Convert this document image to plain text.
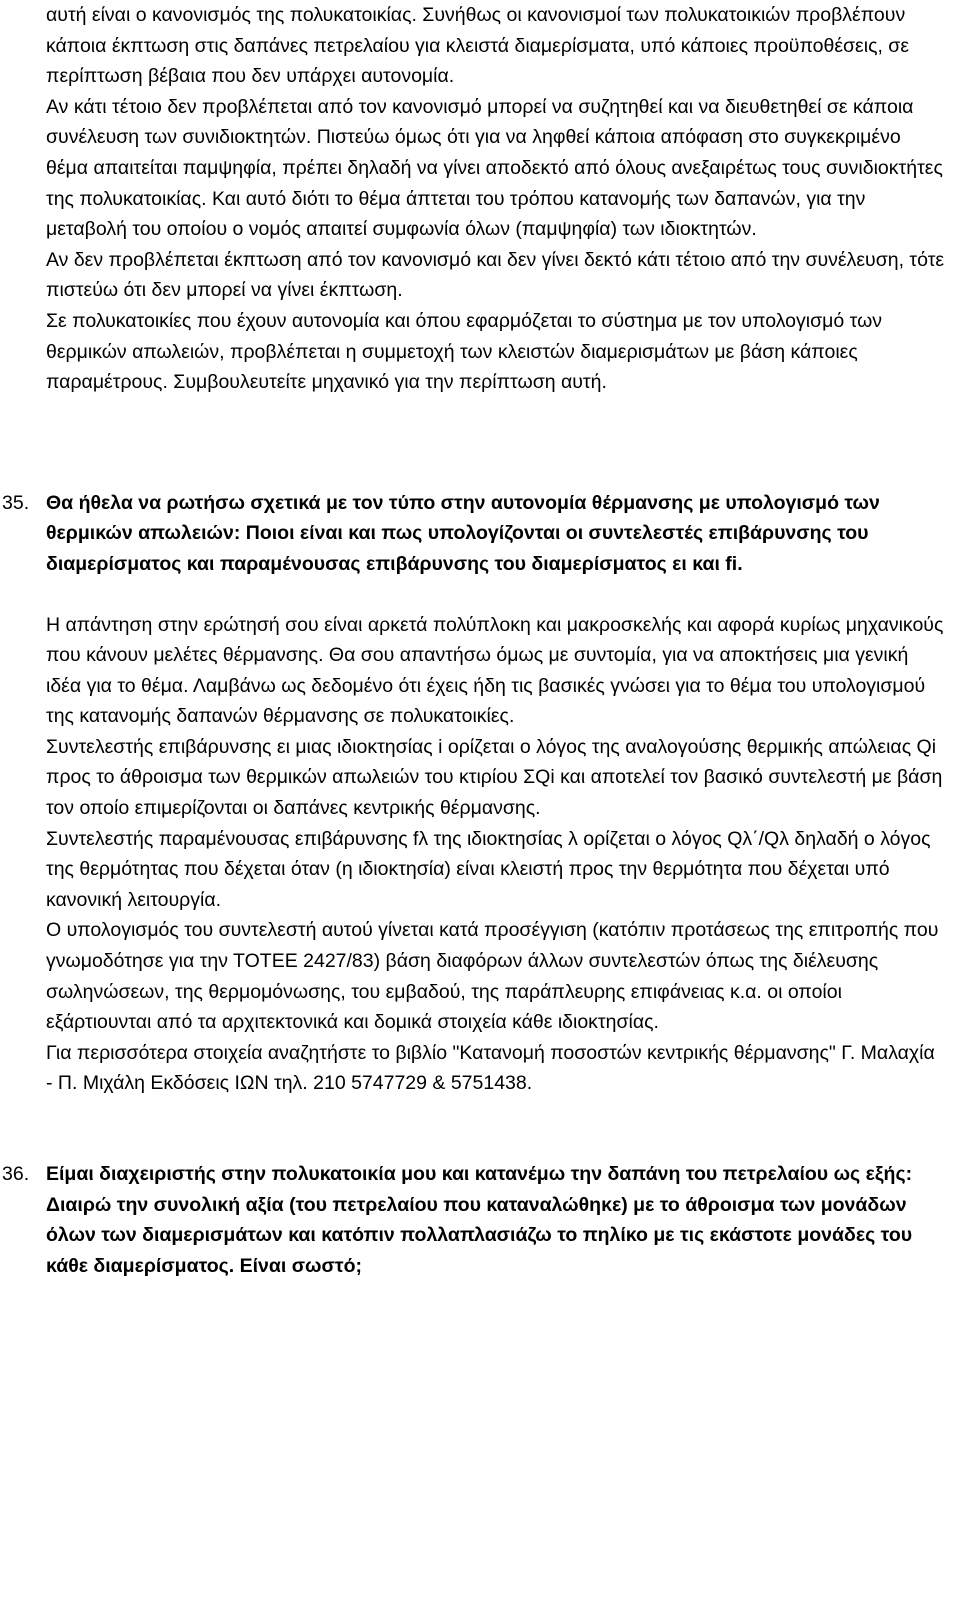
αυτή είναι ο κανονισμός της πολυκατοικίας. Συνήθως οι κανονισμοί των πολυκατοικιών προβλέπουν κάποια έκπτωση στις δαπάνες πετρελαίου για κλειστά διαμερίσματα, υπό κάποιες προϋποθέσεις, σε περίπτωση βέβαια που δεν υπάρχει αυτονομία.

Αν κάτι τέτοιο δεν προβλέπεται από τον κανονισμό μπορεί να συζητηθεί και να διευθετηθεί σε κάποια συνέλευση των συνιδιοκτητών. Πιστεύω όμως ότι για να ληφθεί κάποια απόφαση στο συγκεκριμένο θέμα απαιτείται παμψηφία, πρέπει δηλαδή να γίνει αποδεκτό από όλους ανεξαιρέτως τους συνιδιοκτήτες της πολυκατοικίας. Και αυτό διότι το θέμα άπτεται του τρόπου κατανομής των δαπανών, για την μεταβολή του οποίου ο νομός απαιτεί συμφωνία όλων (παμψηφία) των ιδιοκτητών.

Αν δεν προβλέπεται έκπτωση από τον κανονισμό και δεν γίνει δεκτό κάτι τέτοιο από την συνέλευση, τότε πιστεύω ότι δεν μπορεί να γίνει έκπτωση.

Σε πολυκατοικίες που έχουν αυτονομία και όπου εφαρμόζεται το σύστημα με τον υπολογισμό των θερμικών απωλειών, προβλέπεται η συμμετοχή των κλειστών διαμερισμάτων με βάση κάποιες παραμέτρους. Συμβουλευτείτε μηχανικό για την περίπτωση αυτή.

35. Θα ήθελα να ρωτήσω σχετικά με τον τύπο στην αυτονομία θέρμανσης με υπολογισμό των θερμικών απωλειών: Ποιοι είναι και πως υπολογίζονται οι συντελεστές επιβάρυνσης του διαμερίσματος και παραμένουσας επιβάρυνσης του διαμερίσματος ει και fi.

Η απάντηση στην ερώτησή σου είναι αρκετά πολύπλοκη και μακροσκελής και αφορά κυρίως μηχανικούς που κάνουν μελέτες θέρμανσης. Θα σου απαντήσω όμως με συντομία, για να αποκτήσεις μια γενική ιδέα για το θέμα. Λαμβάνω ως δεδομένο ότι έχεις ήδη τις βασικές γνώσει για το θέμα του υπολογισμού της κατανομής δαπανών θέρμανσης σε πολυκατοικίες.

Συντελεστής επιβάρυνσης ει μιας ιδιοκτησίας i ορίζεται ο λόγος της αναλογούσης θερμικής απώλειας Qi προς το άθροισμα των θερμικών απωλειών του κτιρίου ΣQi και αποτελεί τον βασικό συντελεστή με βάση τον οποίο επιμερίζονται οι δαπάνες κεντρικής θέρμανσης.

Συντελεστής παραμένουσας επιβάρυνσης fλ της ιδιοκτησίας λ ορίζεται ο λόγος Qλ΄/Qλ δηλαδή ο λόγος της θερμότητας που δέχεται όταν (η ιδιοκτησία) είναι κλειστή προς την θερμότητα που δέχεται υπό κανονική λειτουργία.

Ο υπολογισμός του συντελεστή αυτού γίνεται κατά προσέγγιση (κατόπιν προτάσεως της επιτροπής που γνωμοδότησε για την ΤΟΤΕΕ 2427/83) βάση διαφόρων άλλων συντελεστών όπως της διέλευσης σωληνώσεων, της θερμομόνωσης, του εμβαδού, της παράπλευρης επιφάνειας κ.α. οι οποίοι εξάρτιουνται από τα αρχιτεκτονικά και δομικά στοιχεία κάθε ιδιοκτησίας.

Για περισσότερα στοιχεία αναζητήστε το βιβλίο "Κατανομή ποσοστών κεντρικής θέρμανσης" Γ. Μαλαχία - Π. Μιχάλη Εκδόσεις ΙΩΝ τηλ. 210 5747729 & 5751438.

36. Είμαι διαχειριστής στην πολυκατοικία μου και κατανέμω την δαπάνη του πετρελαίου ως εξής: Διαιρώ την συνολική αξία (του πετρελαίου που καταναλώθηκε) με το άθροισμα των μονάδων όλων των διαμερισμάτων και κατόπιν πολλαπλασιάζω το πηλίκο με τις εκάστοτε μονάδες του κάθε διαμερίσματος. Είναι σωστό;
